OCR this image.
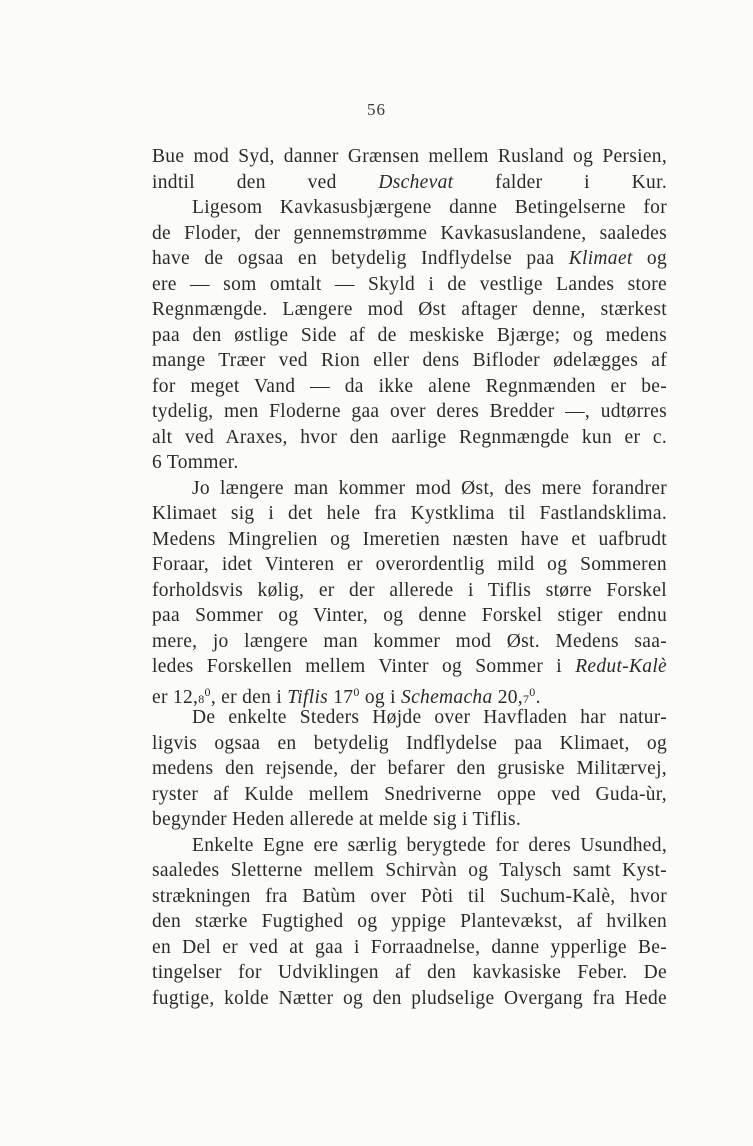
56
Bue mod Syd, danner Grænsen mellem Rusland og Persien,
indtil den ved Dschevat falder i Kur.
Ligesom Kavkasusbjærgene danne Betingelserne for
de Floder, der gennemstrømme Kavkasuslandene, saaledes
have de ogsaa en betydelig Indflydelse paa Klimaet og
ere — som omtalt — Skyld i de vestlige Landes store
Regnmængde. Længere mod Øst aftager denne, stærkest
paa den østlige Side af de meskiske Bjærge; og medens
mange Træer ved Rion eller dens Bifloder ødelægges af
for meget Vand — da ikke alene Regnmænden er be-
tydelig, men Floderne gaa over deres Bredder —, udtørres
alt ved Araxes, hvor den aarlige Regnmængde kun er c.
6 Tommer.
Jo længere man kommer mod Øst, des mere forandrer
Klimaet sig i det hele fra Kystklima til Fastlandsklima.
Medens Mingrelien og Imeretien næsten have et uafbrudt
Foraar, idet Vinteren er overordentlig mild og Sommeren
forholdsvis kølig, er der allerede i Tiflis større Forskel
paa Sommer og Vinter, og denne Forskel stiger endnu
mere, jo længere man kommer mod Øst. Medens saa-
ledes Forskellen mellem Vinter og Sommer i Redut-Kalè
er 12,8$^0$, er den i Tiflis $17^0$ og i Schemacha 20,7$^0$.
De enkelte Steders Højde over Havfladen har natur-
ligvis ogsaa en betydelig Indflydelse paa Klimaet, og
medens den rejsende, der befarer den grusiske Militærvej,
ryster af Kulde mellem Snedriverne oppe ved Guda-ùr,
begynder Heden allerede at melde sig i Tiflis.
Enkelte Egne ere særlig berygtede for deres Usundhed,
saaledes Sletterne mellem Schirvàn og Talysch samt Kyst-
strækningen fra Batùm over Pòti til Suchum-Kalè, hvor
den stærke Fugtighed og yppige Plantevækst, af hvilken
en Del er ved at gaa i Forraadnelse, danne ypperlige Be-
tingelser for Udviklingen af den kavkasiske Feber. De
fugtige, kolde Nætter og den pludselige Overgang fra Hede
